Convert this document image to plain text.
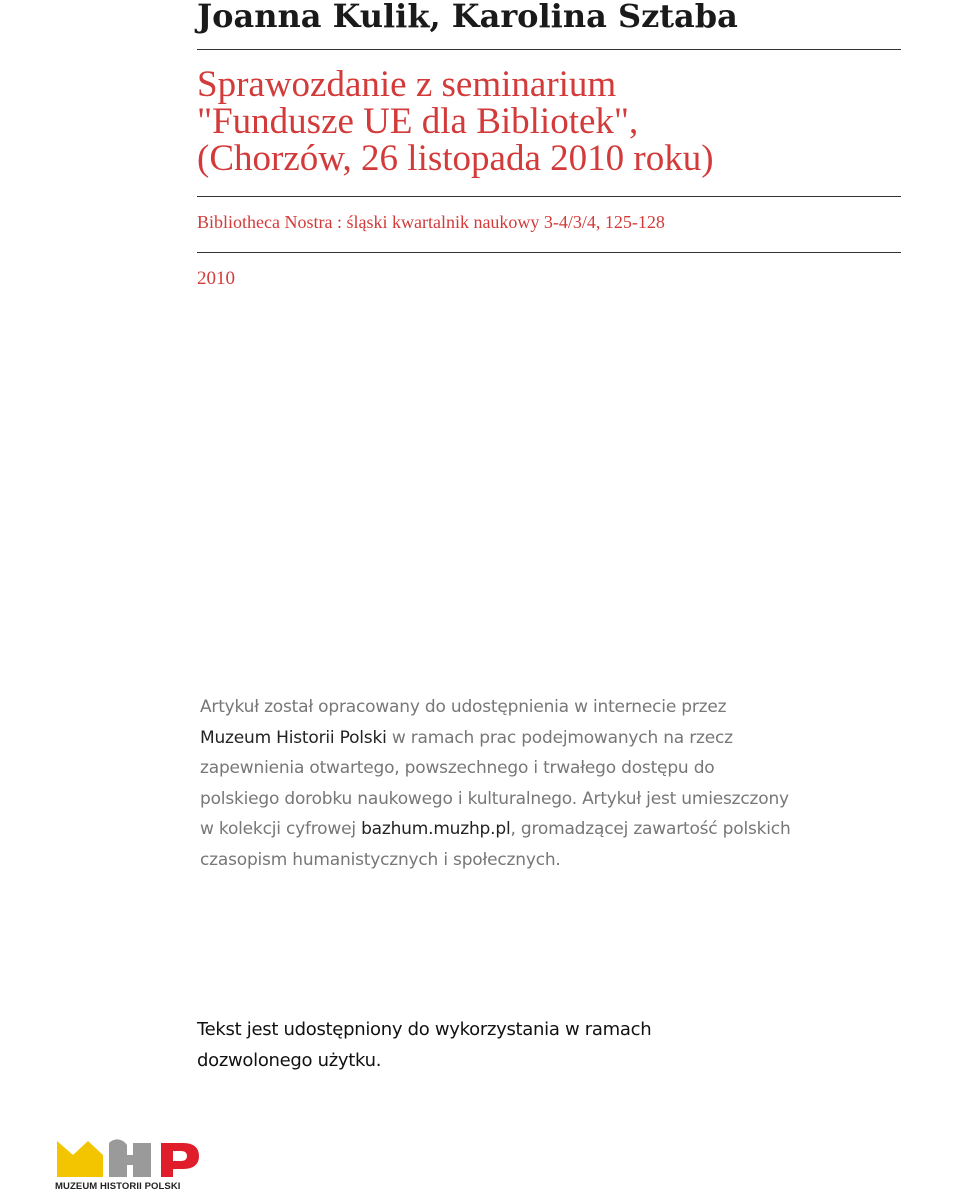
Joanna Kulik, Karolina Sztaba
Sprawozdanie z seminarium
"Fundusze UE dla Bibliotek",
(Chorzów, 26 listopada 2010 roku)
Bibliotheca Nostra : śląski kwartalnik naukowy 3-4/3/4, 125-128
2010
Artykuł został opracowany do udostępnienia w internecie przez
Muzeum Historii Polski w ramach prac podejmowanych na rzecz
zapewnienia otwartego, powszechnego i trwałego dostępu do
polskiego dorobku naukowego i kulturalnego. Artykuł jest umieszczony
w kolekcji cyfrowej bazhum.muzhp.pl, gromadzącej zawartość polskich
czasopism humanistycznych i społecznych.
Tekst jest udostępniony do wykorzystania w ramach
dozwolonego użytku.
MUZEUM HISTORII POLSKI
